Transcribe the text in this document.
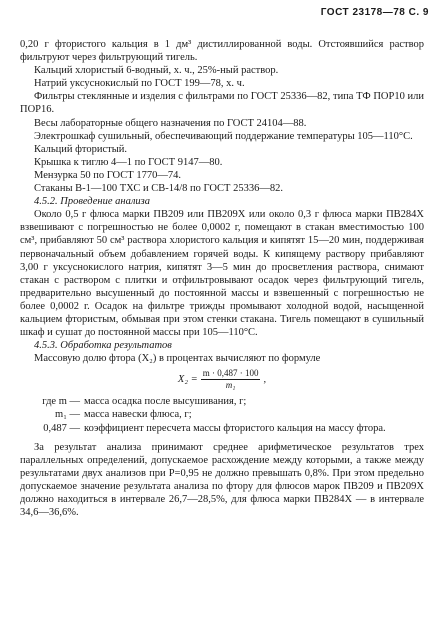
ГОСТ 23178—78 С. 9

0,20 г фтористого кальция в 1 дм³ дистиллированной воды. Отстоявшийся раствор фильтруют через фильтрующий тигель.

Кальций хлористый 6-водный, х. ч., 25%-ный раствор.

Натрий уксуснокислый по ГОСТ 199—78, х. ч.

Фильтры стеклянные и изделия с фильтрами по ГОСТ 25336—82, типа ТФ ПОР10 или ПОР16.

Весы лабораторные общего назначения по ГОСТ 24104—88.

Электрошкаф сушильный, обеспечивающий поддержание температуры 105—110°С.

Кальций фтористый.

Крышка к тиглю 4—1 по ГОСТ 9147—80.

Мензурка 50 по ГОСТ 1770—74.

Стаканы В-1—100 ТХС и СВ-14/8 по ГОСТ 25336—82.

4.5.2. Проведение анализа

Около 0,5 г флюса марки ПВ209 или ПВ209Х или около 0,3 г флюса марки ПВ284Х взвешивают с погрешностью не более 0,0002 г, помещают в стакан вместимостью 100 см³, прибавляют 50 см³ раствора хлористого кальция и кипятят 15—20 мин, поддерживая первоначальный объем добавлением горячей воды. К кипящему раствору прибавляют 3,00 г уксуснокислого натрия, кипятят 3—5 мин до просветления раствора, снимают стакан с раствором с плитки и отфильтровывают осадок через фильтрующий тигель, предварительно высушенный до постоянной массы и взвешенный с погрешностью не более 0,0002 г. Осадок на фильтре трижды промывают холодной водой, насыщенной кальцием фтористым, обмывая при этом стенки стакана. Тигель помещают в сушильный шкаф и сушат до постоянной массы при 105—110°С.

4.5.3. Обработка результатов

Массовую долю фтора (X₂) в процентах вычисляют по формуле

$X_2 = \frac{m \cdot 0,487 \cdot 100}{\text{m₁}}$ ,
где m — масса осадка после высушивания, г;
m₁ — масса навески флюса, г;
0,487 — коэффициент пересчета массы фтористого кальция на массу фтора.

За результат анализа принимают среднее арифметическое результатов трех параллельных определений, допускаемое расхождение между которыми, а также между результатами двух анализов при Р=0,95 не должно превышать 0,8%. При этом предельно допускаемое значение результата анализа по фтору для флюсов марок ПВ209 и ПВ209Х должно находиться в интервале 26,7—28,5%, для флюса марки ПВ284Х — в интервале 34,6—36,6%.
